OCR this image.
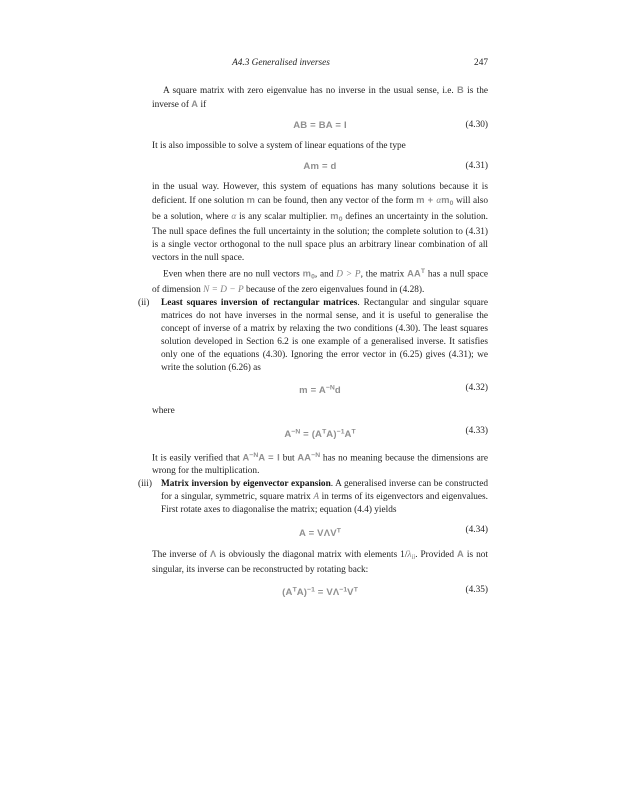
A4.3 Generalised inverses	247

A square matrix with zero eigenvalue has no inverse in the usual sense, i.e. B is the inverse of A if

AB = BA = I	(4.30)

It is also impossible to solve a system of linear equations of the type

Am = d	(4.31)

in the usual way. However, this system of equations has many solutions because it is deficient. If one solution m can be found, then any vector of the form $m + \alpha m_0$ will also be a solution, where α is any scalar multiplier. $m_0$ defines an uncertainty in the solution. The null space defines the full uncertainty in the solution; the complete solution to (4.31) is a single vector orthogonal to the null space plus an arbitrary linear combination of all vectors in the null space.

Even when there are no null vectors $m_0$, and D > P, the matrix $AA^T$ has a null space of dimension N = D − P because of the zero eigenvalues found in (4.28).

(ii) Least squares inversion of rectangular matrices. Rectangular and singular square matrices do not have inverses in the normal sense, and it is useful to generalise the concept of inverse of a matrix by relaxing the two conditions (4.30). The least squares solution developed in Section 6.2 is one example of a generalised inverse. It satisfies only one of the equations (4.30). Ignoring the error vector in (6.25) gives (4.31); we write the solution (6.26) as

$m = A^{-N}d$	(4.32)

where

$A^{-N} = (A^TA)^{-1}A^T$	(4.33)

It is easily verified that $A^{-N}A = I$ but $AA^{-N}$ has no meaning because the dimensions are wrong for the multiplication.

(iii) Matrix inversion by eigenvector expansion. A generalised inverse can be constructed for a singular, symmetric, square matrix A in terms of its eigenvectors and eigenvalues. First rotate axes to diagonalise the matrix; equation (4.4) yields

$A = V\Lambda V^T$	(4.34)

The inverse of Λ is obviously the diagonal matrix with elements $1/\lambda_{ii}$. Provided A is not singular, its inverse can be reconstructed by rotating back:

$(A^TA)^{-1} = V\Lambda^{-1}V^T$	(4.35)
